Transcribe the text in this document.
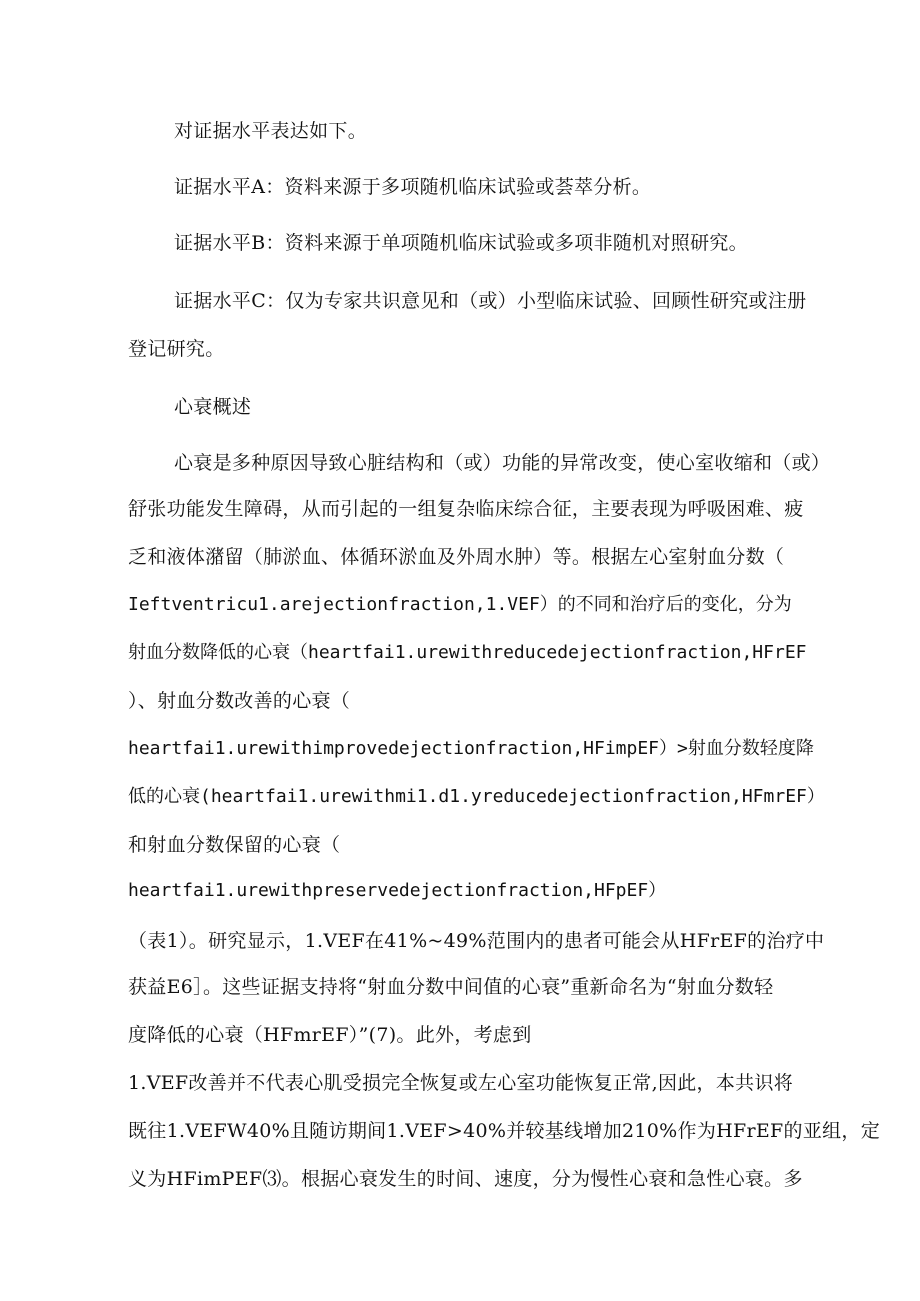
对证据水平表达如下。
证据水平A：资料来源于多项随机临床试验或荟萃分析。
证据水平B：资料来源于单项随机临床试验或多项非随机对照研究。
证据水平C：仅为专家共识意见和（或）小型临床试验、回顾性研究或注册
登记研究。
心衰概述
心衰是多种原因导致心脏结构和（或）功能的异常改变，使心室收缩和（或）
舒张功能发生障碍，从而引起的一组复杂临床综合征，主要表现为呼吸困难、疲
乏和液体潴留（肺淤血、体循环淤血及外周水肿）等。根据左心室射血分数（
Ieftventricu1.arejectionfraction,1.VEF）的不同和治疗后的变化，分为
射血分数降低的心衰（heartfai1.urewithreducedejectionfraction,HFrEF
）、射血分数改善的心衰（
heartfai1.urewithimprovedejectionfraction,HFimpEF）>射血分数轻度降
低的心衰(heartfai1.urewithmi1.d1.yreducedejectionfraction,HFmrEF）
和射血分数保留的心衰（
heartfai1.urewithpreservedejectionfraction,HFpEF）
（表1）。研究显示，1.VEF在41%~49%范围内的患者可能会从HFrEF的治疗中
获益E6］。这些证据支持将“射血分数中间值的心衰”重新命名为“射血分数轻
度降低的心衰（HFmrEF）”(7)。此外，考虑到
1.VEF改善并不代表心肌受损完全恢复或左心室功能恢复正常,因此，本共识将
既往1.VEFW40%且随访期间1.VEF>40%并较基线增加210%作为HFrEF的亚组，定
义为HFimPEF⑶。根据心衰发生的时间、速度，分为慢性心衰和急性心衰。多
